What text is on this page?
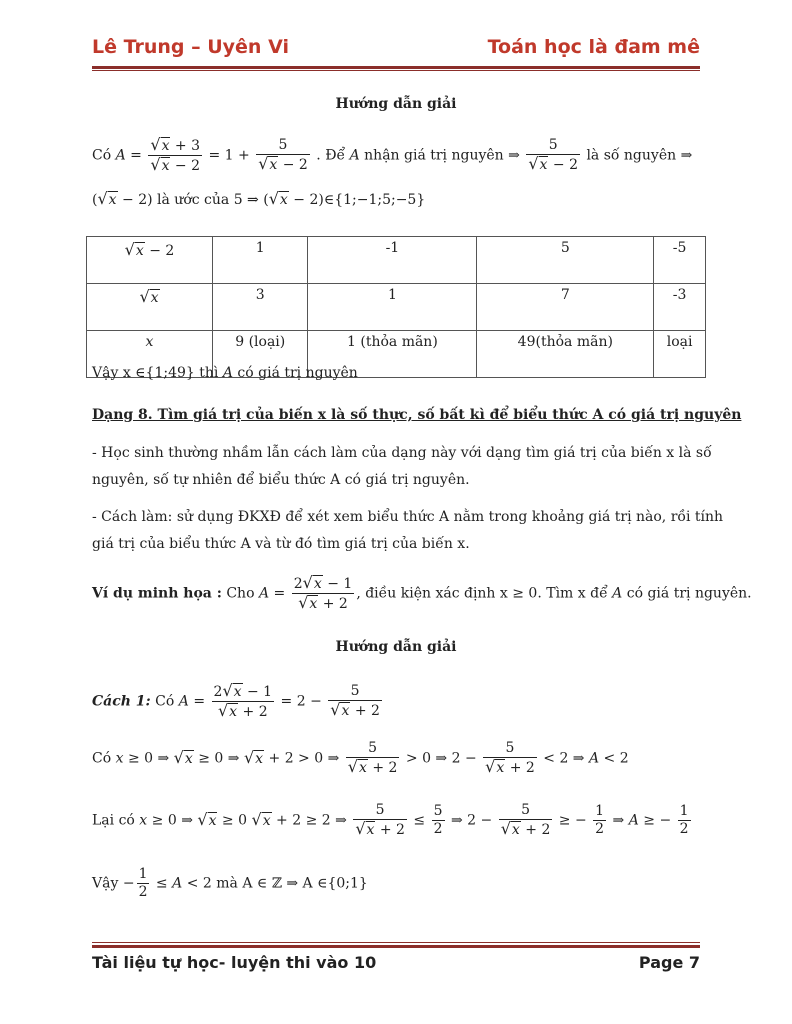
Lê Trung – Uyên Vi	Toán học là đam mê
Hướng dẫn giải
Có $A = \frac{√x + 3}{√x - 2} = 1 + \frac{5}{√x - 2}$ . Để A nhận giá trị nguyên ⇒ $\frac{5}{√x - 2}$ là số nguyên ⇒
(√x − 2) là ước của 5 ⇒ (√x − 2)∈{1;−1;5;−5}
√x − 2	1	-1	5	-5
√x	3	1	7	-3
x	9 (loại)	1 (thỏa mãn)	49(thỏa mãn)	loại
Vậy x ∈{1;49} thì A có giá trị nguyên
Dạng 8. Tìm giá trị của biến x là số thực, số bất kì để biểu thức A có giá trị nguyên
- Học sinh thường nhầm lẫn cách làm của dạng này với dạng tìm giá trị của biến x là số
nguyên, số tự nhiên để biểu thức A có giá trị nguyên.
- Cách làm: sử dụng ĐKXĐ để xét xem biểu thức A nằm trong khoảng giá trị nào, rồi tính
giá trị của biểu thức A và từ đó tìm giá trị của biến x.
Ví dụ minh họa : Cho $A = \frac{2√x - 1}{√x + 2}$ , điều kiện xác định x ≥ 0. Tìm x để A có giá trị nguyên.
Hướng dẫn giải
Cách 1: Có $A = \frac{2√x - 1}{√x + 2} = 2 - \frac{5}{√x + 2}$
Có x ≥ 0 ⇒ √x ≥ 0 ⇒ √x + 2 > 0 ⇒ $\frac{5}{√x + 2} > 0$ ⇒ $2 - \frac{5}{√x + 2} < 2$ ⇒ A < 2
Lại có x ≥ 0 ⇒ √x ≥ 0 √x + 2 ≥ 2 ⇒ $\frac{5}{√x + 2} \le \frac{5}{2}$ ⇒ $2 - \frac{5}{√x + 2}$ ≥ − $\frac{1}{2}$ ⇒ A ≥ − $\frac{1}{2}$
Vậy − $\frac{1}{2} \le A < 2$ mà A ∈ ℤ ⇒ A ∈{0;1}
Tài liệu tự học- luyện thi vào 10	Page 7
